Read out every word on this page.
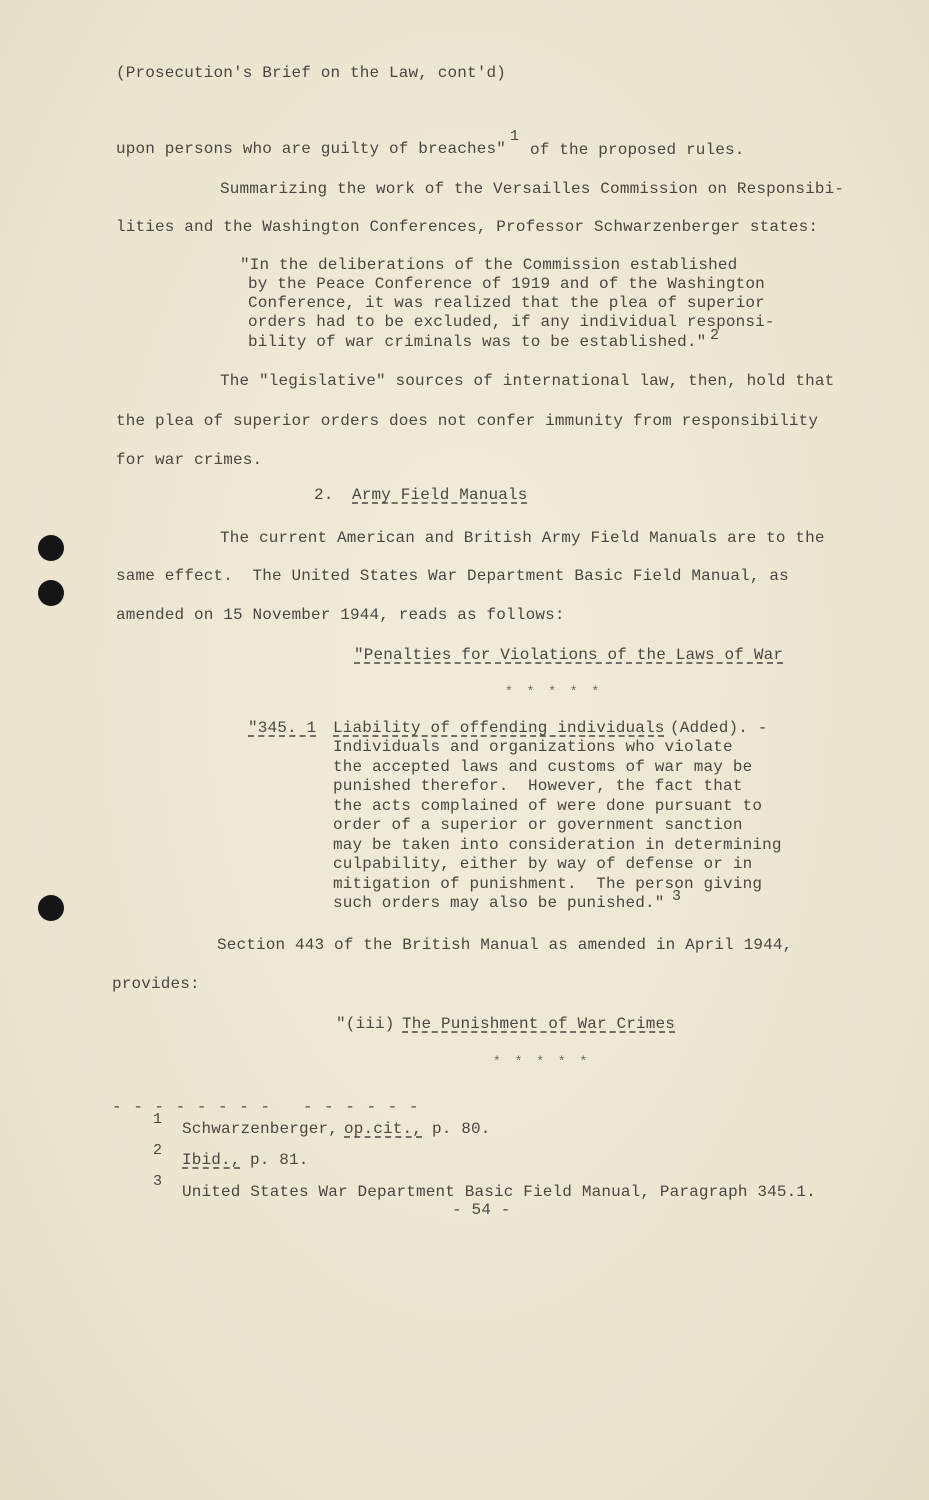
(Prosecution's Brief on the Law, cont'd)
upon persons who are guilty of breaches"
1
of the proposed rules.
Summarizing the work of the Versailles Commission on Responsibi-
lities and the Washington Conferences, Professor Schwarzenberger states:
"In the deliberations of the Commission established
by the Peace Conference of 1919 and of the Washington
Conference, it was realized that the plea of superior
orders had to be excluded, if any individual responsi-
bility of war criminals was to be established." 2
The "legislative" sources of international law, then, hold that
the plea of superior orders does not confer immunity from responsibility
for war crimes.
2. Army Field Manuals
The current American and British Army Field Manuals are to the
same effect.  The United States War Department Basic Field Manual, as
amended on 15 November 1944, reads as follows:
"Penalties for Violations of the Laws of War
* * * * *
"345. 1 Liability of offending individuals (Added). -
Individuals and organizations who violate
the accepted laws and customs of war may be
punished therefor.  However, the fact that
the acts complained of were done pursuant to
order of a superior or government sanction
may be taken into consideration in determining
culpability, either by way of defense or in
mitigation of punishment.  The person giving
such orders may also be punished." 3
Section 443 of the British Manual as amended in April 1944,
provides:
"(iii) The Punishment of War Crimes
* * * * *
- - - - - - - -   - - - - - -
1
Schwarzenberger, op.cit., p. 80.
2
Ibid., p. 81.
3
United States War Department Basic Field Manual, Paragraph 345.1.
- 54 -
